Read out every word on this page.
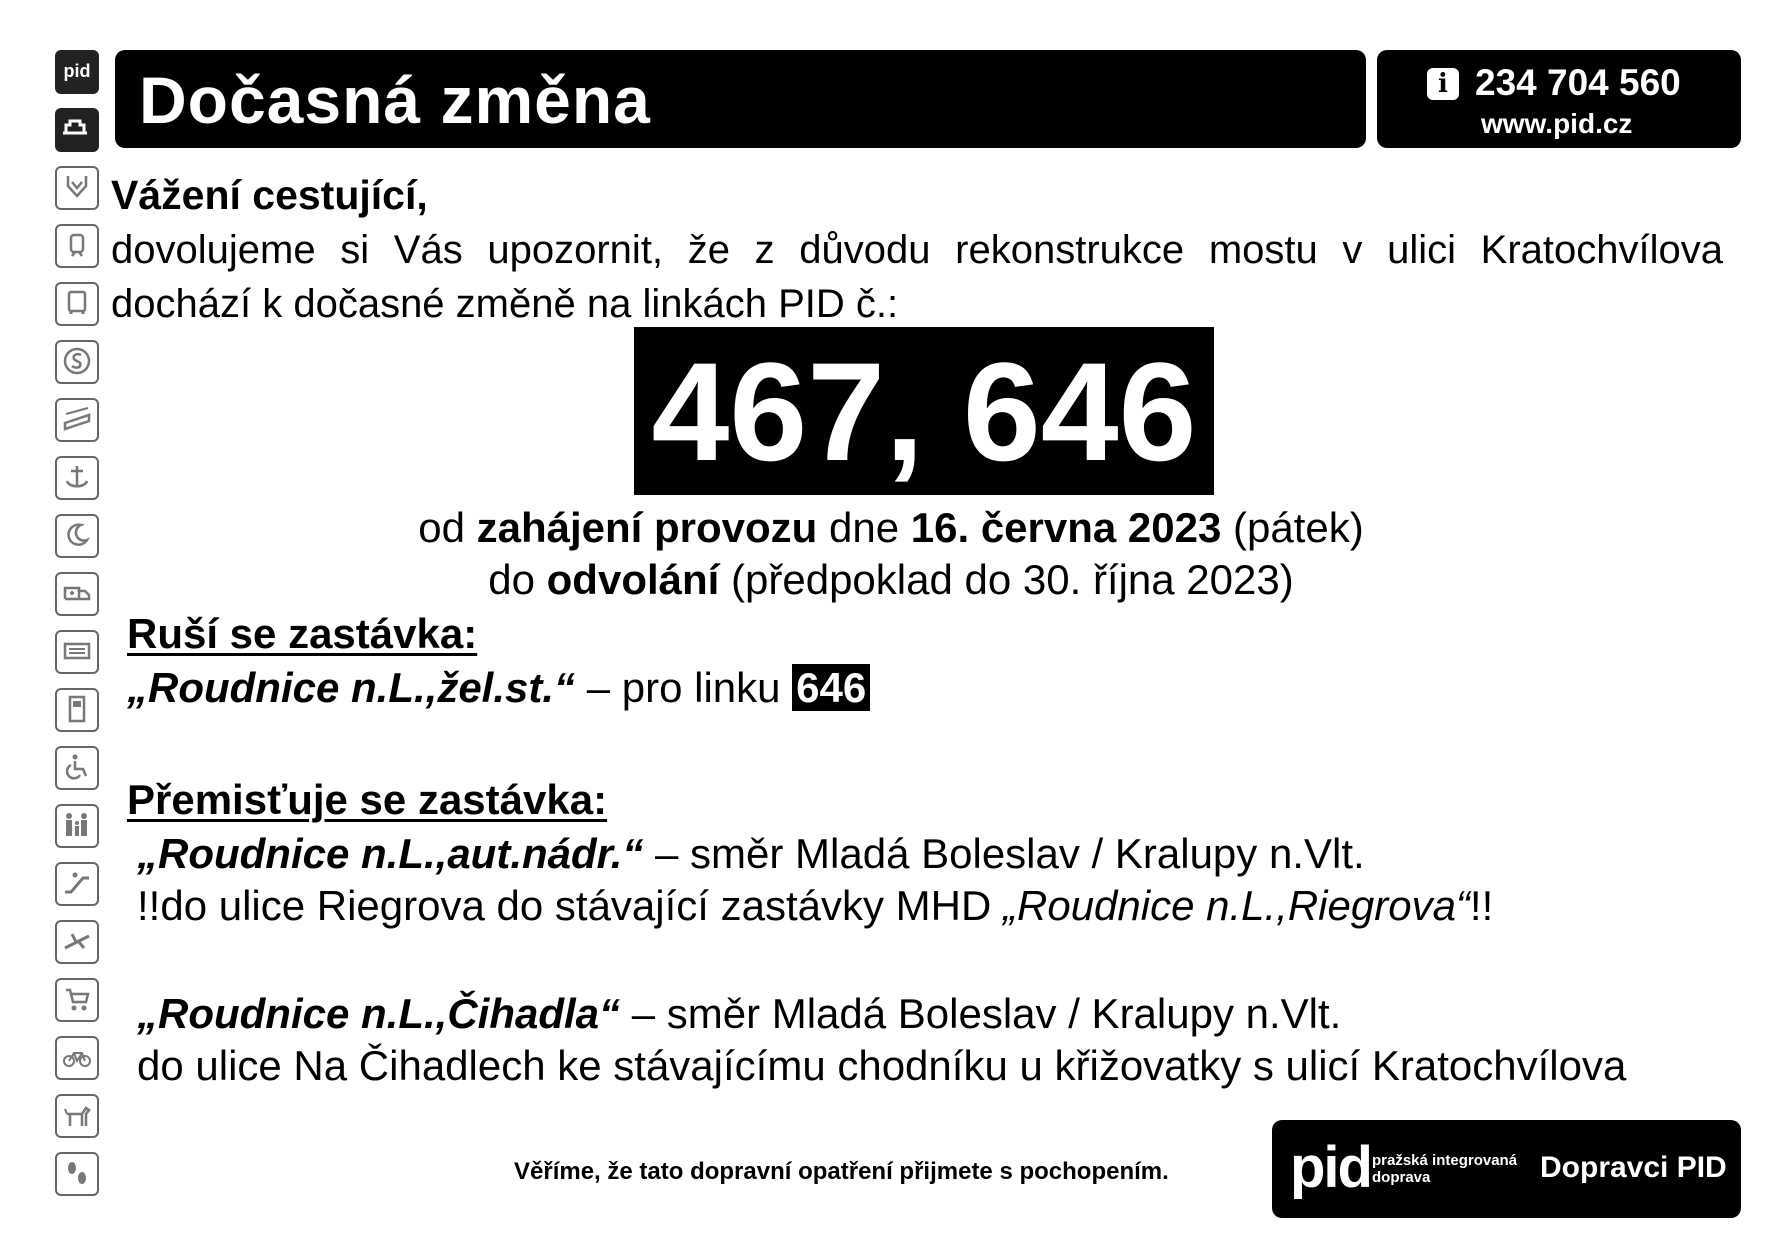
pid Dočasná změna	i 234 704 560
www.pid.cz
Vážení cestující,
dovolujeme si Vás upozornit, že z důvodu rekonstrukce mostu v ulici Kratochvílova
dochází k dočasné změně na linkách PID č.:
467, 646
od zahájení provozu dne 16. června 2023 (pátek)
do odvolání (předpoklad do 30. října 2023)
Ruší se zastávka:
„Roudnice n.L.,žel.st.“ – pro linku 646
Přemisťuje se zastávka:
„Roudnice n.L.,aut.nádr.“ – směr Mladá Boleslav / Kralupy n.Vlt.
!!do ulice Riegrova do stávající zastávky MHD „Roudnice n.L.,Riegrova“!!
„Roudnice n.L.,Čihadla“ – směr Mladá Boleslav / Kralupy n.Vlt.
do ulice Na Čihadlech ke stávajícímu chodníku u křižovatky s ulicí Kratochvílova
Věříme, že tato dopravní opatření přijmete s pochopením. pid pražská integrovaná doprava	Dopravci PID
